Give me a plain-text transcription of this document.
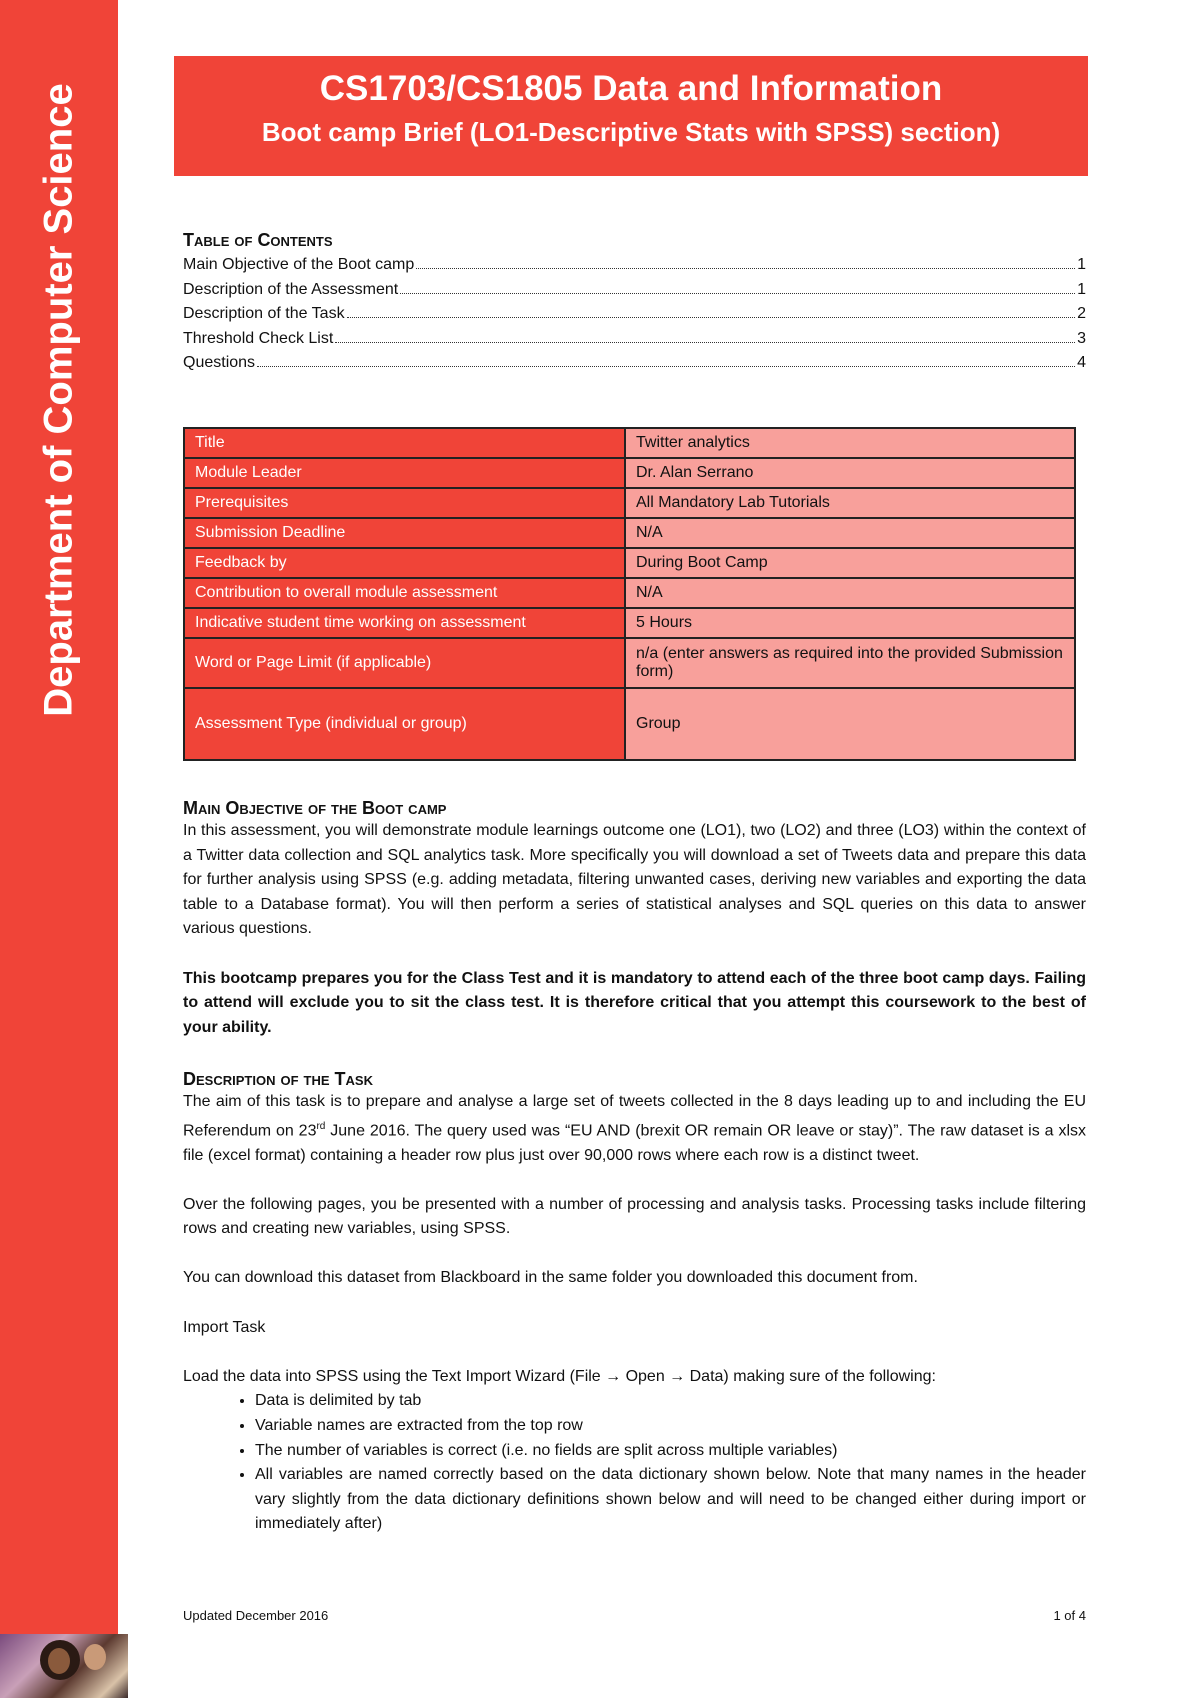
Department of Computer Science	CS1703/CS1805 Data and Information
Boot camp Brief (LO1-Descriptive Stats with SPSS) section)
Table of Contents
Main Objective of the Boot camp	1
Description of the Assessment	1
Description of the Task	2
Threshold Check List	3
Questions	4
Title	Twitter analytics
Module Leader	Dr. Alan Serrano
Prerequisites	All Mandatory Lab Tutorials
Submission Deadline	N/A
Feedback by	During Boot Camp
Contribution to overall module assessment	N/A
Indicative student time working on assessment	5 Hours
Word or Page Limit (if applicable)	n/a (enter answers as required into the provided Submission form)
Assessment Type (individual or group)	Group
Main Objective of the Boot camp
In this assessment, you will demonstrate module learnings outcome one (LO1), two (LO2) and three (LO3) within the context of a Twitter data collection and SQL analytics task. More specifically you will download a set of Tweets data and prepare this data for further analysis using SPSS (e.g. adding metadata, filtering unwanted cases, deriving new variables and exporting the data table to a Database format). You will then perform a series of statistical analyses and SQL queries on this data to answer various questions.
This bootcamp prepares you for the Class Test and it is mandatory to attend each of the three boot camp days. Failing to attend will exclude you to sit the class test. It is therefore critical that you attempt this coursework to the best of your ability.
Description of the Task
The aim of this task is to prepare and analyse a large set of tweets collected in the 8 days leading up to and including the EU Referendum on 23rd June 2016. The query used was “EU AND (brexit OR remain OR leave or stay)”. The raw dataset is a xlsx file (excel format) containing a header row plus just over 90,000 rows where each row is a distinct tweet.
Over the following pages, you be presented with a number of processing and analysis tasks. Processing tasks include filtering rows and creating new variables, using SPSS.
You can download this dataset from Blackboard in the same folder you downloaded this document from.
Import Task
Load the data into SPSS using the Text Import Wizard (File → Open → Data) making sure of the following:
• Data is delimited by tab
• Variable names are extracted from the top row
• The number of variables is correct (i.e. no fields are split across multiple variables)
• All variables are named correctly based on the data dictionary shown below. Note that many names in the header vary slightly from the data dictionary definitions shown below and will need to be changed either during import or immediately after)
Updated December 2016	1 of 4
